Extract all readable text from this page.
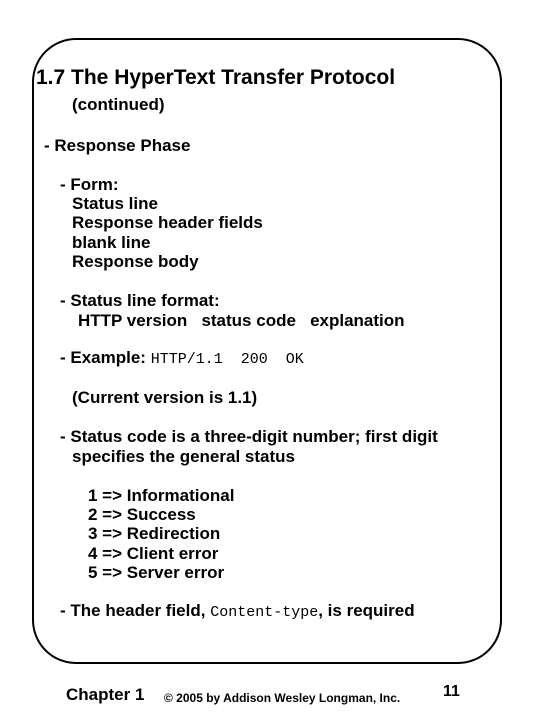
1.7 The HyperText Transfer Protocol
(continued)
- Response Phase
- Form:
Status line
Response header fields
blank line
Response body
- Status line format:
HTTP version   status code   explanation
- Example: HTTP/1.1  200  OK
(Current version is 1.1)
- Status code is a three-digit number; first digit
specifies the general status
1 => Informational
2 => Success
3 => Redirection
4 => Client error
5 => Server error
- The header field, Content-type, is required
Chapter 1 © 2005 by Addison Wesley Longman, Inc.	11
